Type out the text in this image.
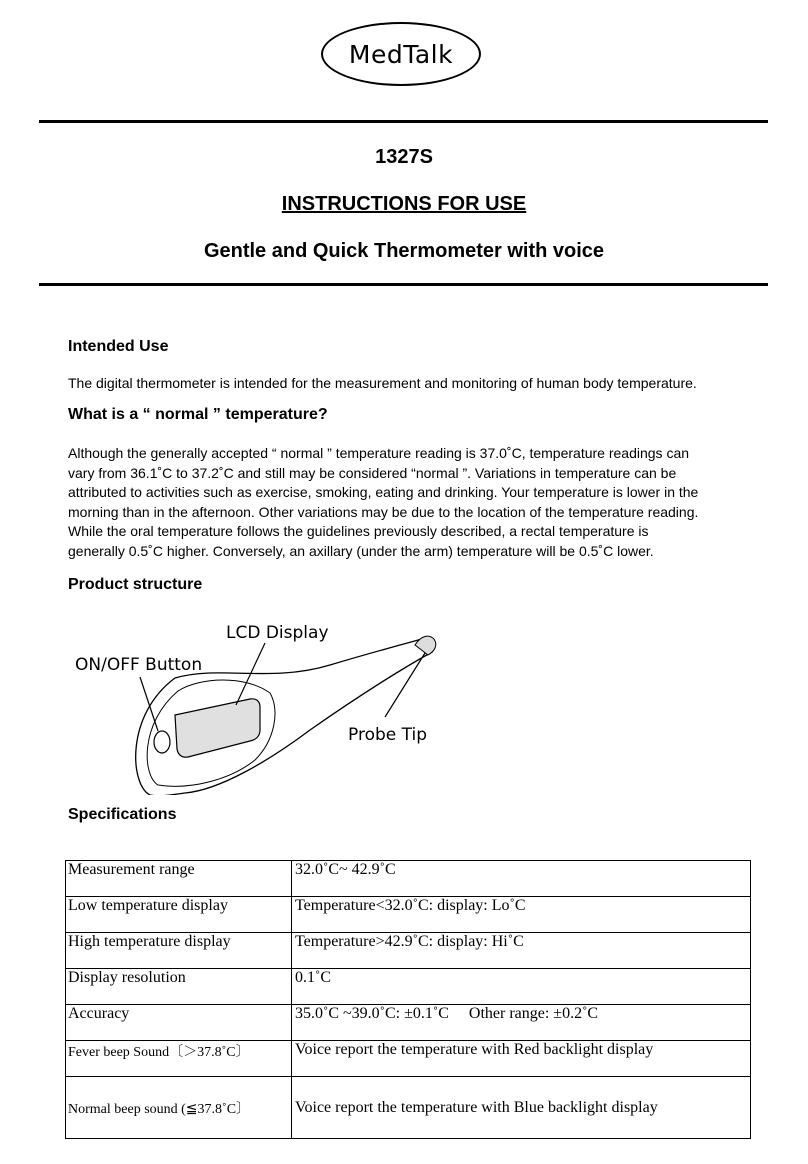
MedTalk
1327S
INSTRUCTIONS FOR USE
Gentle and Quick Thermometer with voice
Intended Use
The digital thermometer is intended for the measurement and monitoring of human body temperature.
What is a “ normal ” temperature?
Although the generally accepted “ normal ” temperature reading is 37.0˚C, temperature readings can
vary from 36.1˚C to 37.2˚C and still may be considered “normal ”. Variations in temperature can be
attributed to activities such as exercise, smoking, eating and drinking. Your temperature is lower in the
morning than in the afternoon. Other variations may be due to the location of the temperature reading.
While the oral temperature follows the guidelines previously described, a rectal temperature is
generally 0.5˚C higher. Conversely, an axillary (under the arm) temperature will be 0.5˚C lower.
Product structure
LCD Display
ON/OFF Button
Probe Tip
Specifications
Measurement range	32.0˚C~ 42.9˚C
Low temperature display	Temperature<32.0˚C: display: Lo˚C
High temperature display	Temperature>42.9˚C: display: Hi˚C
Display resolution	0.1˚C
Accuracy	35.0˚C ~39.0˚C: ±0.1˚C     Other range: ±0.2˚C
Fever beep Sound〔＞37.8˚C〕	Voice report the temperature with Red backlight display
Normal beep sound (≦37.8˚C〕	Voice report the temperature with Blue backlight display
